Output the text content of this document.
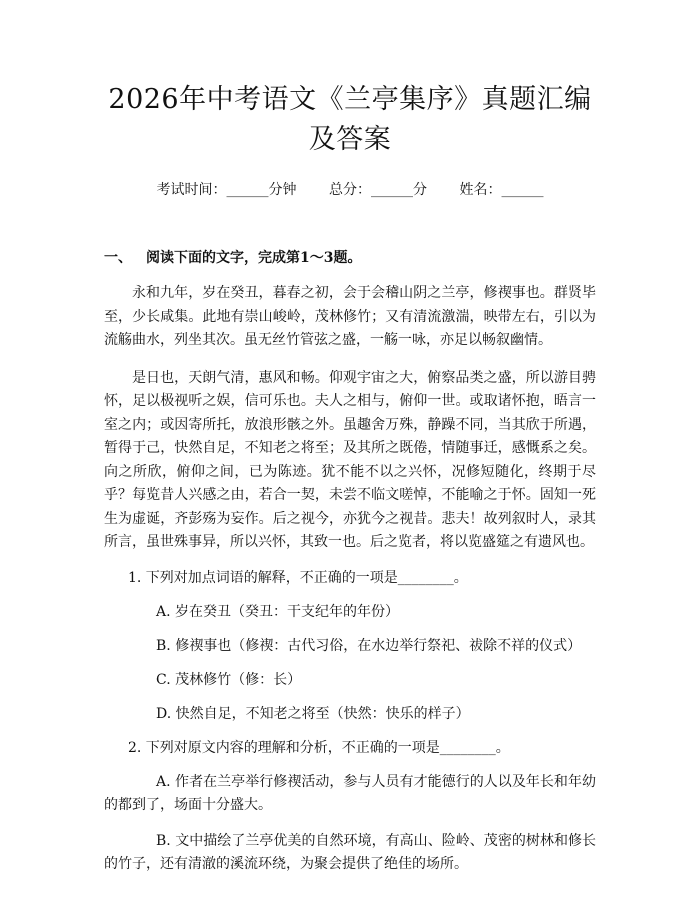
2026年中考语文《兰亭集序》真题汇编及答案
考试时间：______分钟 总分：______分 姓名：______
一、 阅读下面的文字，完成第1～3题。

永和九年，岁在癸丑，暮春之初，会于会稽山阴之兰亭，修禊事也。群贤毕至，少长咸集。此地有崇山峻岭，茂林修竹；又有清流激湍，映带左右，引以为流觞曲水，列坐其次。虽无丝竹管弦之盛，一觞一咏，亦足以畅叙幽情。

是日也，天朗气清，惠风和畅。仰观宇宙之大，俯察品类之盛，所以游目骋怀，足以极视听之娱，信可乐也。夫人之相与，俯仰一世。或取诸怀抱，晤言一室之内；或因寄所托，放浪形骸之外。虽趣舍万殊，静躁不同，当其欣于所遇，暂得于己，快然自足，不知老之将至；及其所之既倦，情随事迁，感慨系之矣。向之所欣，俯仰之间，已为陈迹。犹不能不以之兴怀，况修短随化，终期于尽乎？每览昔人兴感之由，若合一契，未尝不临文嗟悼，不能喻之于怀。固知一死生为虚诞，齐彭殇为妄作。后之视今，亦犹今之视昔。悲夫！故列叙时人，录其所言，虽世殊事异，所以兴怀，其致一也。后之览者，将以览盛筵之有遗风也。

1. 下列对加点词语的解释，不正确的一项是________。
A. 岁在癸丑（癸丑：干支纪年的年份）
B. 修禊事也（修禊：古代习俗，在水边举行祭祀、祓除不祥的仪式）
C. 茂林修竹（修：长）
D. 快然自足，不知老之将至（快然：快乐的样子）
2. 下列对原文内容的理解和分析，不正确的一项是________。
A. 作者在兰亭举行修禊活动，参与人员有才能德行的人以及年长和年幼的都到了，场面十分盛大。
B. 文中描绘了兰亭优美的自然环境，有高山、险岭、茂密的树林和修长的竹子，还有清澈的溪流环绕，为聚会提供了绝佳的场所。
